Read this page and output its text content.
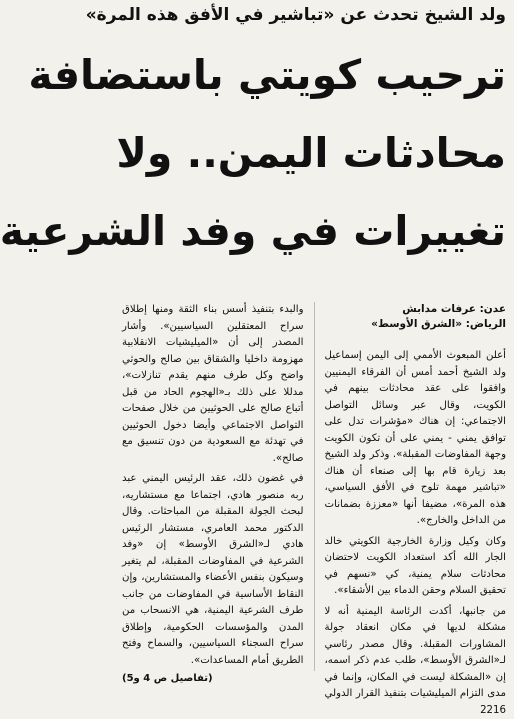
ولد الشيخ تحدث عن «تباشير في الأفق هذه المرة»
ترحيب كويتي باستضافة
محادثات اليمن.. ولا
تغييرات في وفد الشرعية
عدن: عرفات مدابش
الرياض: «الشرق الأوسط»

أعلن المبعوث الأممي إلى اليمن إسماعيل ولد الشيخ أحمد أمس أن الفرقاء اليمنيين وافقوا على عقد محادثات بينهم في الكويت، وقال عبر وسائل التواصل الاجتماعي: إن هناك «مؤشرات تدل على توافق يمني - يمني على أن تكون الكويت وجهة المفاوضات المقبلة». وذكر ولد الشيخ بعد زيارة قام بها إلى صنعاء أن هناك «تباشير مهمة تلوح في الأفق السياسي، هذه المرة»، مضيفا أنها «معززة بضمانات من الداخل والخارج».

وكان وكيل وزارة الخارجية الكويتي خالد الجار الله أكد استعداد الكويت لاحتضان محادثات سلام يمنية، كي «نسهم في تحقيق السلام وحقن الدماء بين الأشقاء».

من جانبها، أكدت الرئاسة اليمنية أنه لا مشكلة لديها في مكان انعقاد جولة المشاورات المقبلة. وقال مصدر رئاسي لـ«الشرق الأوسط»، طلب عدم ذكر اسمه، إن «المشكلة ليست في المكان، وإنما في مدى التزام الميليشيات بتنفيذ القرار الدولي 2216

والبدء بتنفيذ أسس بناء الثقة ومنها إطلاق سراح المعتقلين السياسيين». وأشار المصدر إلى أن «الميليشيات الانقلابية مهزومة داخليا والشقاق بين صالح والحوثي واضح وكل طرف منهم يقدم تنازلات»، مدللا على ذلك بـ«الهجوم الحاد من قبل أتباع صالح على الحوثيين من خلال صفحات التواصل الاجتماعي وأيضا دخول الحوثيين في تهدئة مع السعودية من دون تنسيق مع صالح».

في غضون ذلك، عقد الرئيس اليمني عبد ربه منصور هادي، اجتماعا مع مستشاريه، لبحث الجولة المقبلة من المباحثات. وقال الدكتور محمد العامري، مستشار الرئيس هادي لـ«الشرق الأوسط» إن «وفد الشرعية في المفاوضات المقبلة، لم يتغير وسيكون بنفس الأعضاء والمستشارين، وإن النقاط الأساسية في المفاوضات من جانب طرف الشرعية اليمنية، هي الانسحاب من المدن والمؤسسات الحكومية، وإطلاق سراح السجناء السياسيين، والسماح وفتح الطريق أمام المساعدات».

(تفاصيل ص 4 و5)
